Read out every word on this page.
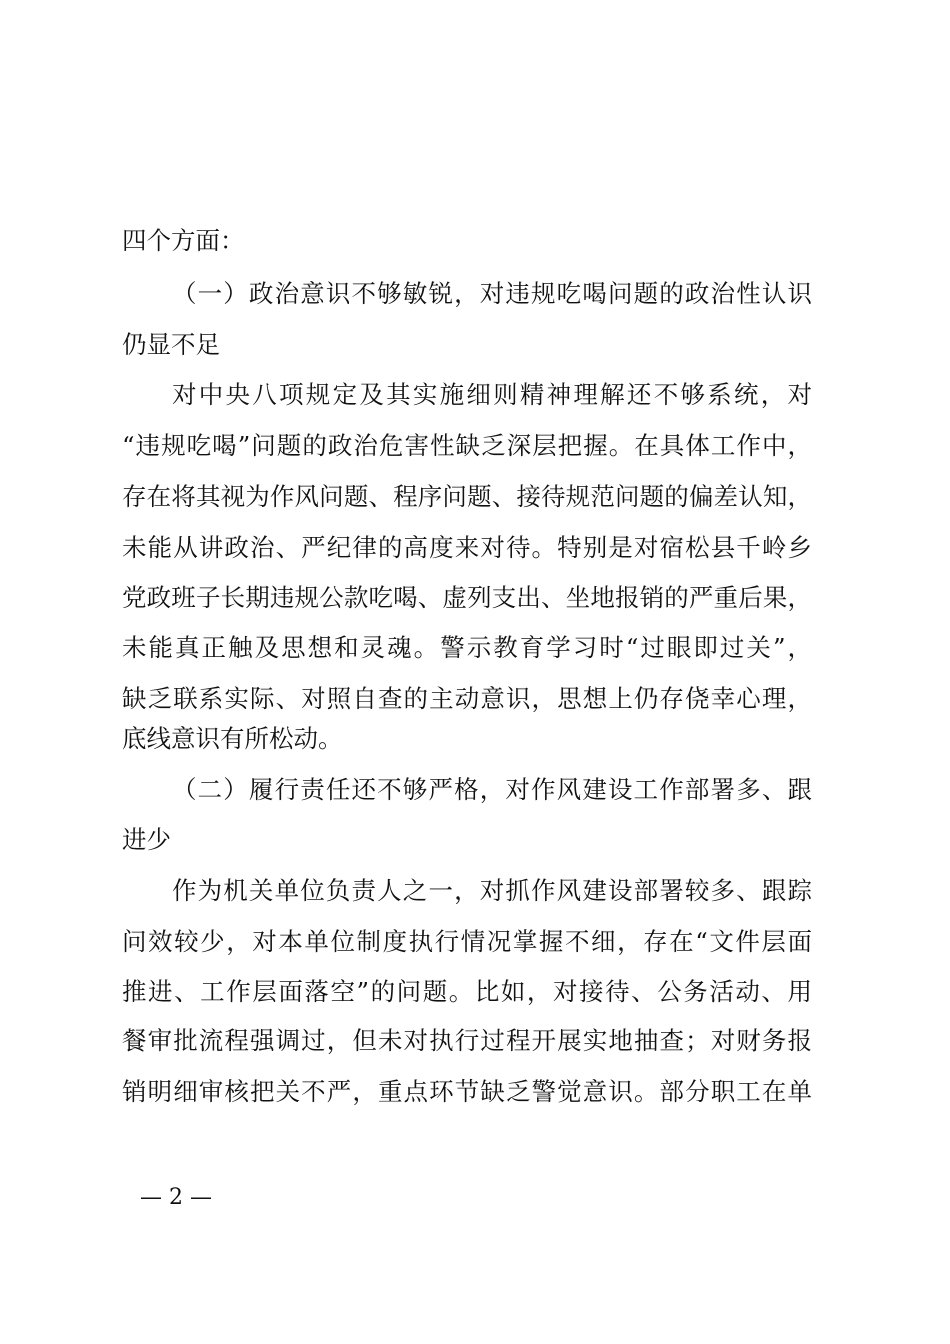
四个方面：
（一）政治意识不够敏锐，对违规吃喝问题的政治性认识
仍显不足
对中央八项规定及其实施细则精神理解还不够系统，对
“违规吃喝”问题的政治危害性缺乏深层把握。在具体工作中，
存在将其视为作风问题、程序问题、接待规范问题的偏差认知，
未能从讲政治、严纪律的高度来对待。特别是对宿松县千岭乡
党政班子长期违规公款吃喝、虚列支出、坐地报销的严重后果，
未能真正触及思想和灵魂。警示教育学习时“过眼即过关”，
缺乏联系实际、对照自查的主动意识，思想上仍存侥幸心理，
底线意识有所松动。
（二）履行责任还不够严格，对作风建设工作部署多、跟
进少
作为机关单位负责人之一，对抓作风建设部署较多、跟踪
问效较少，对本单位制度执行情况掌握不细，存在“文件层面
推进、工作层面落空”的问题。比如，对接待、公务活动、用
餐审批流程强调过，但未对执行过程开展实地抽查；对财务报
销明细审核把关不严，重点环节缺乏警觉意识。部分职工在单
— 2 —
